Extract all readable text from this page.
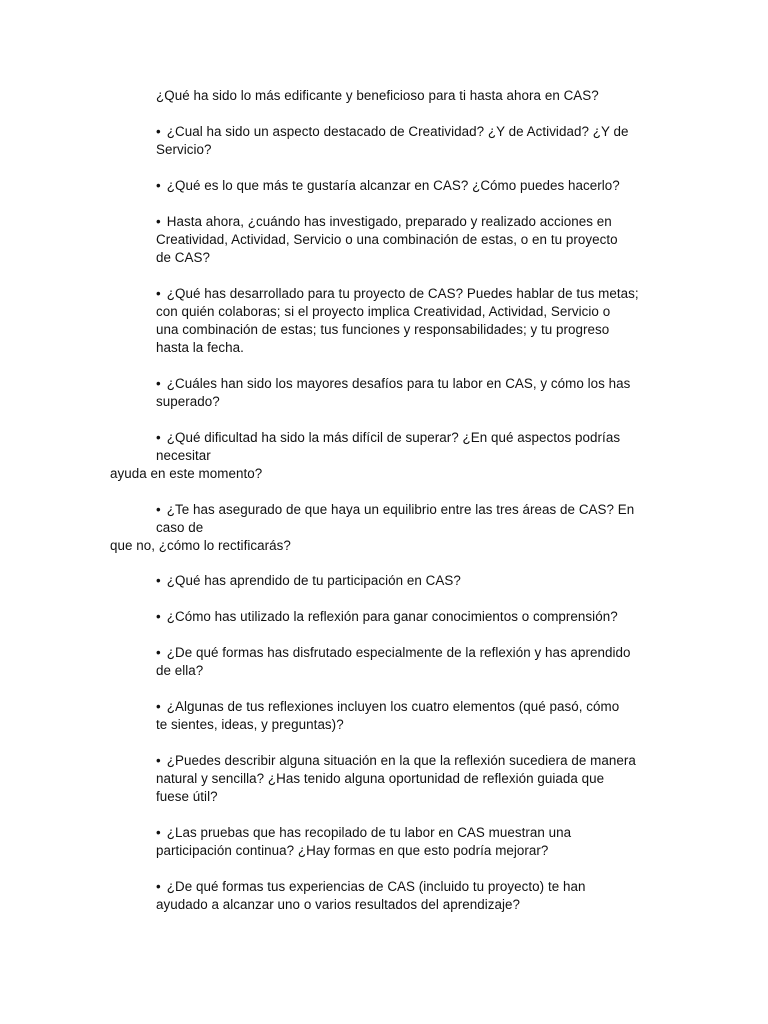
¿Qué ha sido lo más edificante y beneficioso para ti hasta ahora en CAS?
• ¿Cual ha sido un aspecto destacado de Creatividad? ¿Y de Actividad? ¿Y de
Servicio?
• ¿Qué es lo que más te gustaría alcanzar en CAS? ¿Cómo puedes hacerlo?
• Hasta ahora, ¿cuándo has investigado, preparado y realizado acciones en
Creatividad, Actividad, Servicio o una combinación de estas, o en tu proyecto
de CAS?
• ¿Qué has desarrollado para tu proyecto de CAS? Puedes hablar de tus metas;
con quién colaboras; si el proyecto implica Creatividad, Actividad, Servicio o
una combinación de estas; tus funciones y responsabilidades; y tu progreso
hasta la fecha.
• ¿Cuáles han sido los mayores desafíos para tu labor en CAS, y cómo los has
superado?
• ¿Qué dificultad ha sido la más difícil de superar? ¿En qué aspectos podrías
necesitar
ayuda en este momento?
• ¿Te has asegurado de que haya un equilibrio entre las tres áreas de CAS? En
caso de
que no, ¿cómo lo rectificarás?
• ¿Qué has aprendido de tu participación en CAS?
• ¿Cómo has utilizado la reflexión para ganar conocimientos o comprensión?
• ¿De qué formas has disfrutado especialmente de la reflexión y has aprendido
de ella?
• ¿Algunas de tus reflexiones incluyen los cuatro elementos (qué pasó, cómo
te sientes, ideas, y preguntas)?
• ¿Puedes describir alguna situación en la que la reflexión sucediera de manera
natural y sencilla? ¿Has tenido alguna oportunidad de reflexión guiada que
fuese útil?
• ¿Las pruebas que has recopilado de tu labor en CAS muestran una
participación continua? ¿Hay formas en que esto podría mejorar?
• ¿De qué formas tus experiencias de CAS (incluido tu proyecto) te han
ayudado a alcanzar uno o varios resultados del aprendizaje?
